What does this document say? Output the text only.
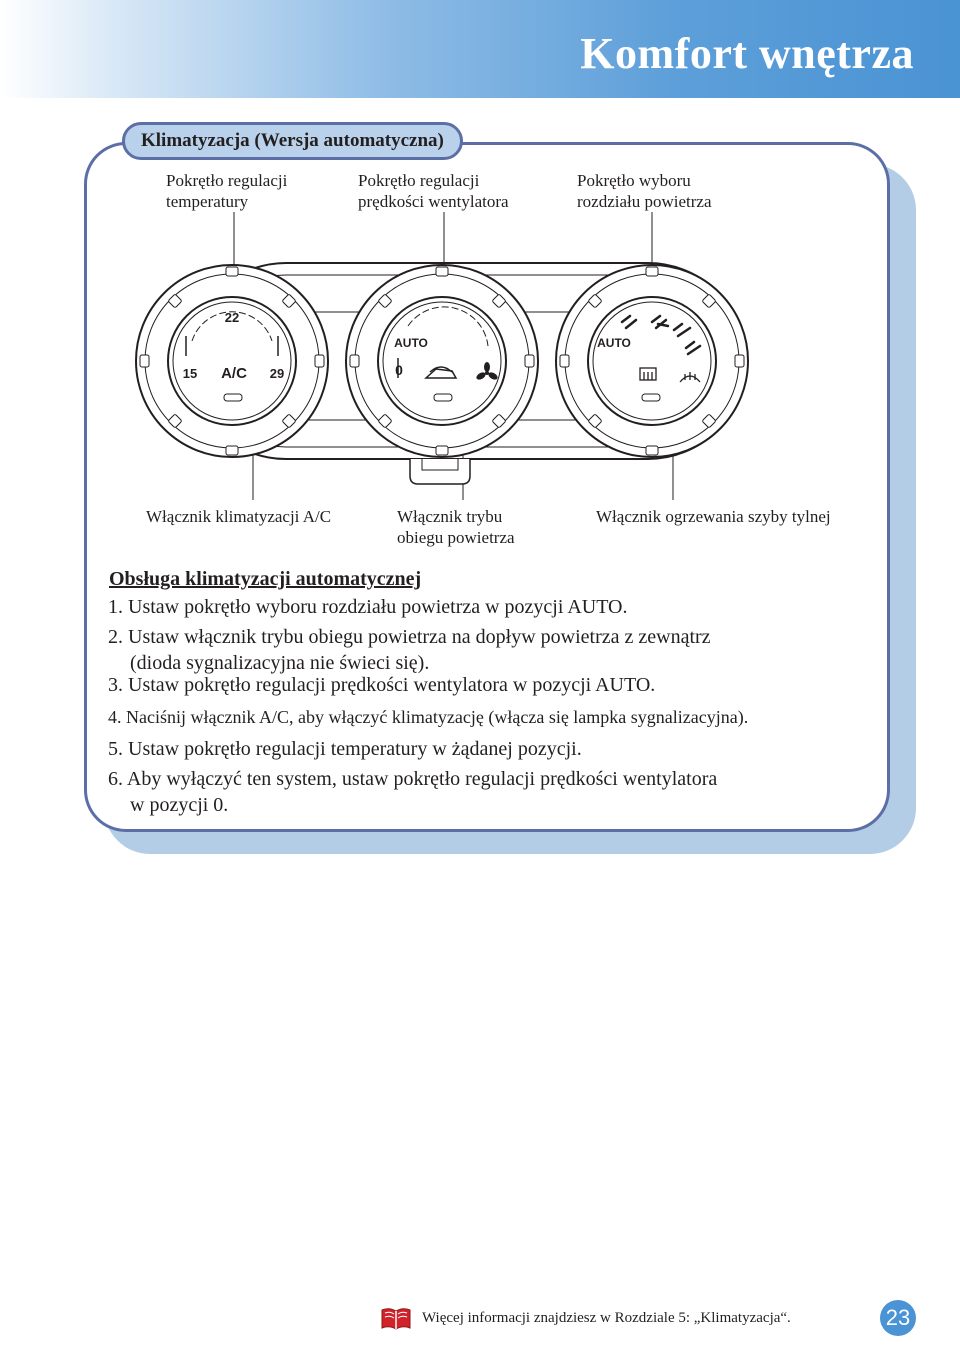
Komfort wnętrza
Klimatyzacja (Wersja automatyczna)
Pokrętło regulacji
temperatury
Pokrętło regulacji
prędkości wentylatora
Pokrętło wyboru
rozdziału powietrza
Włącznik klimatyzacji A/C	Włącznik trybu
obiegu powietrza
Włącznik ogrzewania szyby tylnej
22
15	29
A/C
AUTO
0
AUTO
Obsługa klimatyzacji automatycznej

1. Ustaw pokrętło wyboru rozdziału powietrza w pozycji AUTO.

2. Ustaw włącznik trybu obiegu powietrza na dopływ powietrza z zewnątrz
(dioda sygnalizacyjna nie świeci się).

3. Ustaw pokrętło regulacji prędkości wentylatora w pozycji AUTO.

4. Naciśnij włącznik A/C, aby włączyć klimatyzację (włącza się lampka sygnalizacyjna).

5. Ustaw pokrętło regulacji temperatury w żądanej pozycji.

6. Aby wyłączyć ten system, ustaw pokrętło regulacji prędkości wentylatora
w pozycji 0.

Więcej informacji znajdziesz w Rozdziale 5: „Klimatyzacja“.	23
